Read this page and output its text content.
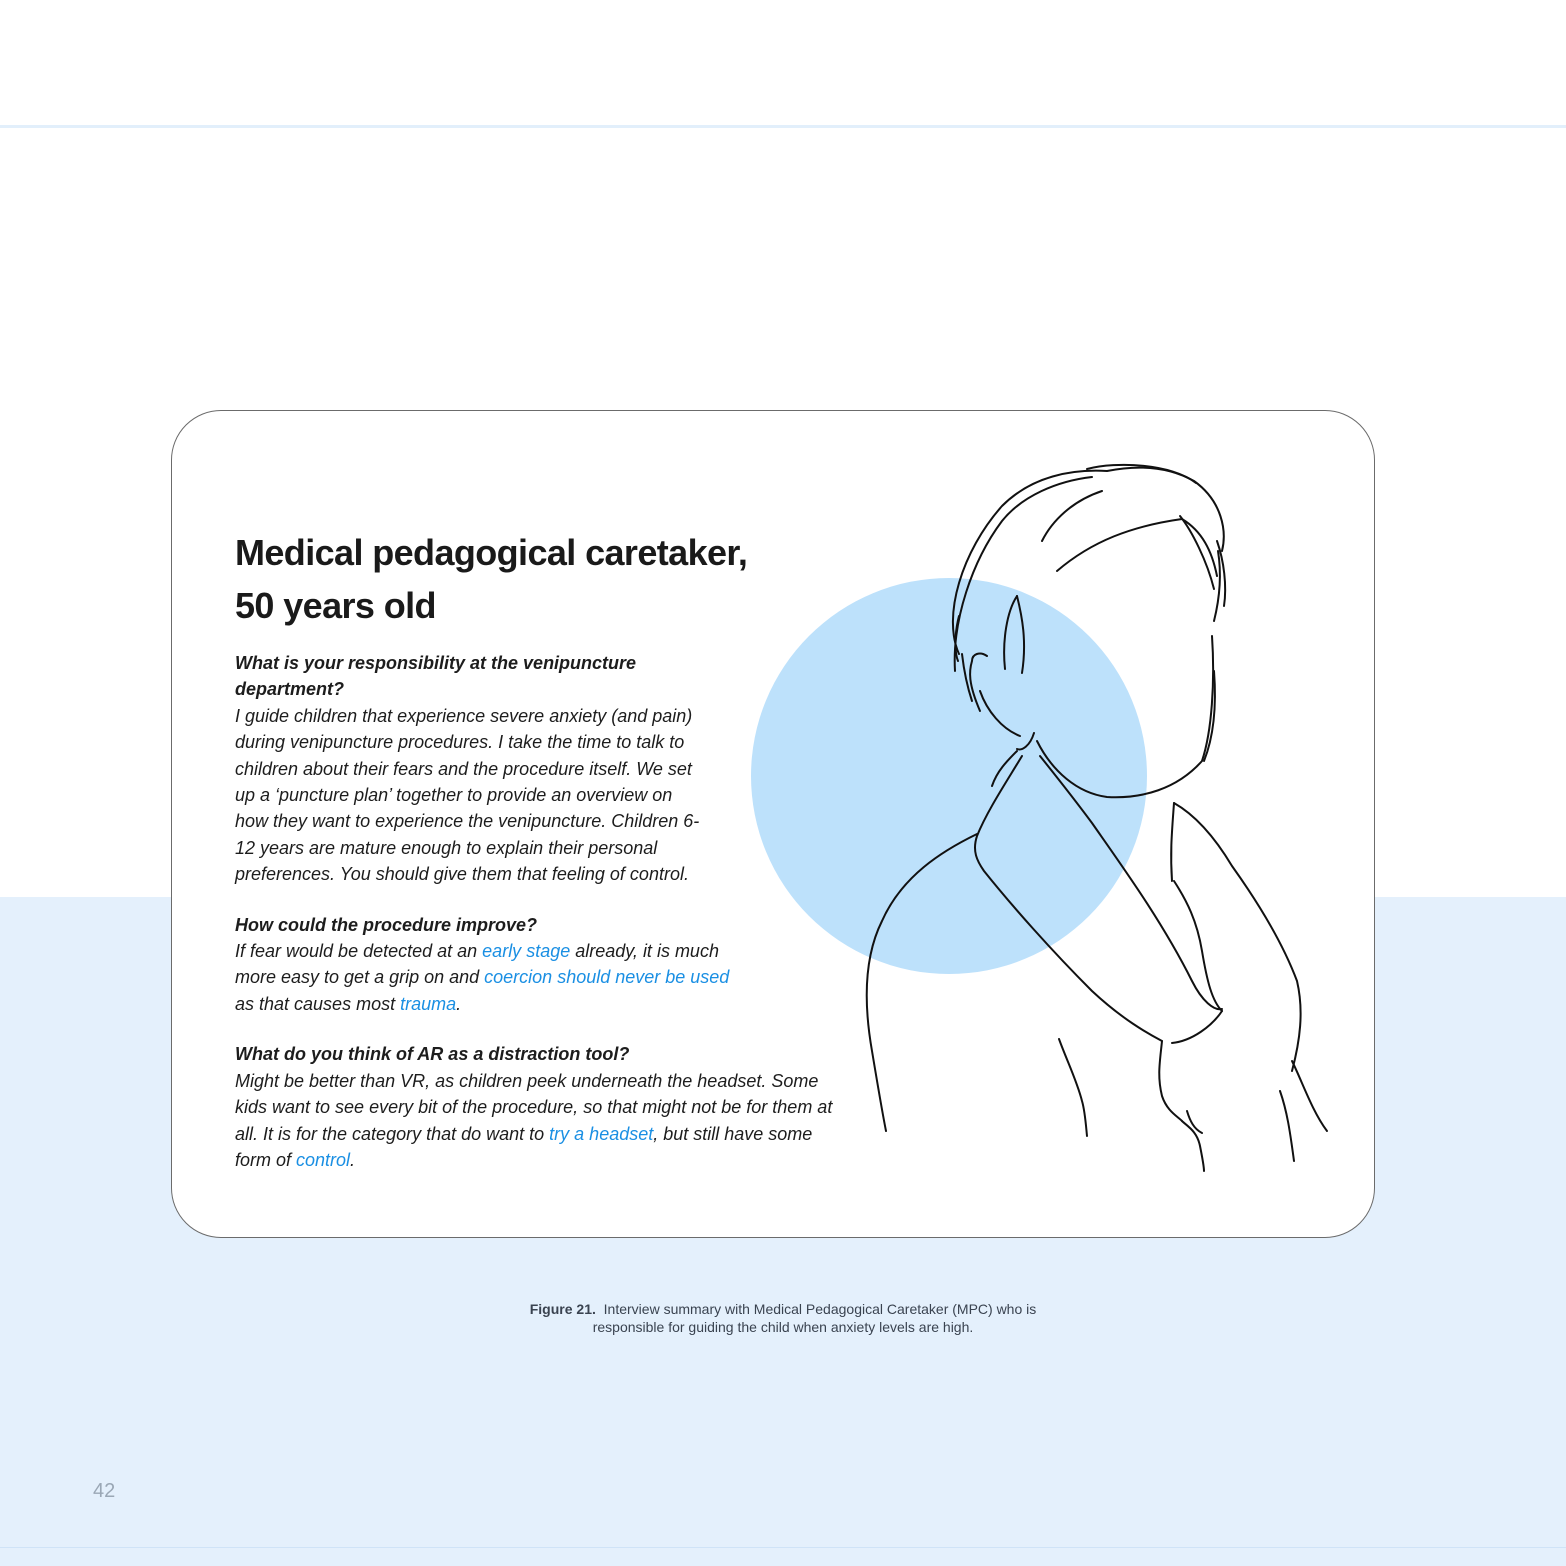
Medical pedagogical caretaker,
50 years old
What is your responsibility at the venipuncture department?
I guide children that experience severe anxiety (and pain) during venipuncture procedures. I take the time to talk to children about their fears and the procedure itself. We set up a ‘puncture plan’ together to provide an overview on how they want to experience the venipuncture. Children 6-12 years are mature enough to explain their personal preferences. You should give them that feeling of control.
How could the procedure improve?
If fear would be detected at an early stage already, it is much more easy to get a grip on and coercion should never be used as that causes most trauma.
What do you think of AR as a distraction tool?
Might be better than VR, as children peek underneath the headset. Some kids want to see every bit of the procedure, so that might not be for them at all. It is for the category that do want to try a headset, but still have some form of control.
Figure 21. Interview summary with Medical Pedagogical Caretaker (MPC) who is
responsible for guiding the child when anxiety levels are high.
42
